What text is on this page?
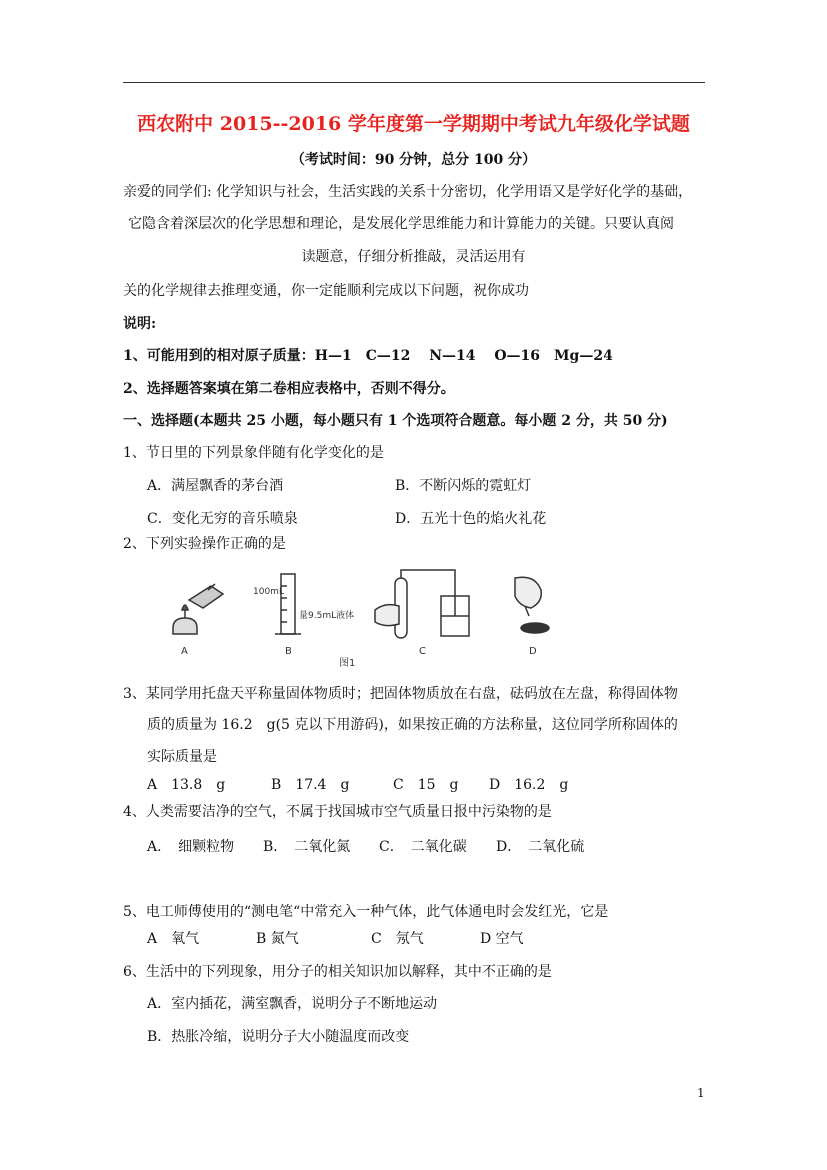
西农附中 2015--2016 学年度第一学期期中考试九年级化学试题
（考试时间：90 分钟，总分 100 分）
亲爱的同学们: 化学知识与社会，生活实践的关系十分密切，化学用语又是学好化学的基础，
它隐含着深层次的化学思想和理论，是发展化学思维能力和计算能力的关键。只要认真阅
读题意，仔细分析推敲，灵活运用有
关的化学规律去推理变通，你一定能顺利完成以下问题，祝你成功
说明:
1、可能用到的相对原子质量：H—1　C—12　 N—14　 O—16　Mg—24
2、选择题答案填在第二卷相应表格中，否则不得分。
一、选择题(本题共 25 小题，每小题只有 1 个选项符合题意。每小题 2 分，共 50 分)
1、节日里的下列景象伴随有化学变化的是
A．满屋飘香的茅台酒	B．不断闪烁的霓虹灯
C．变化无穷的音乐喷泉	D．五光十色的焰火礼花
2、下列实验操作正确的是
A
100mL
量9.5mL液体
B	C	D
图1
3、某同学用托盘天平称量固体物质时；把固体物质放在右盘，砝码放在左盘，称得固体物
质的质量为 16.2　g(5 克以下用游码)，如果按正确的方法称量，这位同学所称固体的
实际质量是
A　13.8　g	B　17.4　g	C　15　g D　16.2　g
4、人类需要洁净的空气，不属于找国城市空气质量日报中污染物的是
A．　细颗粒物 B．　二氧化氮 C．　二氧化碳 D．　二氧化硫
5、电工师傅使用的“测电笔“中常充入一种气体，此气体通电时会发红光，它是
A　氧气	B 氮气	C　氖气	D 空气
6、生活中的下列现象，用分子的相关知识加以解释，其中不正确的是
A．室内插花，满室飘香，说明分子不断地运动
B．热胀冷缩，说明分子大小随温度而改变
1
